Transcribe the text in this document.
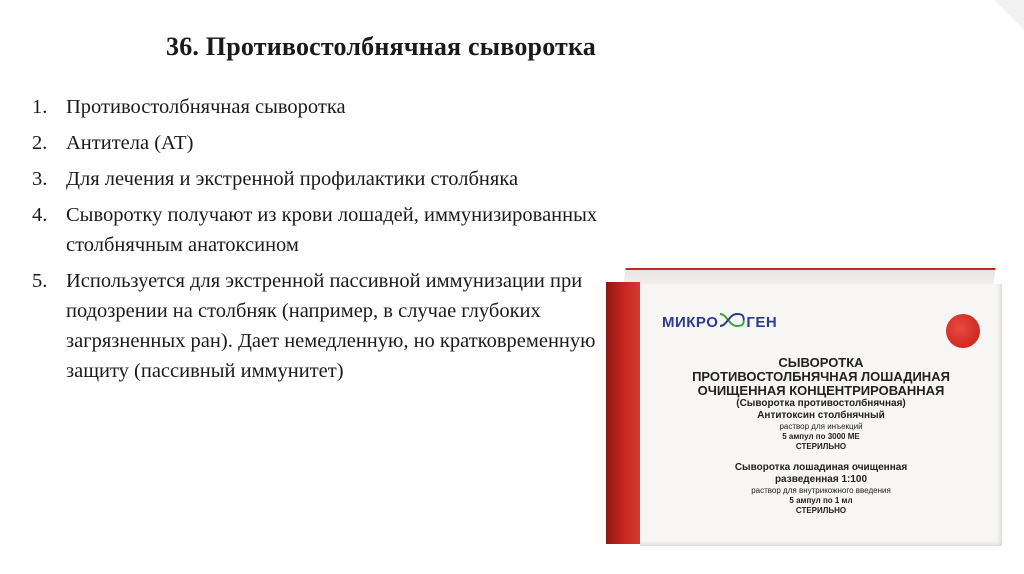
36. Противостолбнячная сыворотка
1. Противостолбнячная сыворотка
2. Антитела (АТ)
3. Для лечения и экстренной профилактики столбняка
4. Сыворотку получают из крови лошадей, иммунизированных столбнячным анатоксином
5. Используется для экстренной пассивной иммунизации при подозрении на столбняк (например, в случае глубоких загрязненных ран). Дает немедленную, но кратковременную защиту (пассивный иммунитет)
МИКРО ГЕН
СЫВОРОТКА
ПРОТИВОСТОЛБНЯЧНАЯ ЛОШАДИНАЯ
ОЧИЩЕННАЯ КОНЦЕНТРИРОВАННАЯ
(Сыворотка противостолбнячная)
Антитоксин столбнячный
раствор для инъекций
5 ампул по 3000 МЕ
СТЕРИЛЬНО
Сыворотка лошадиная очищенная
разведенная 1:100
раствор для внутрикожного введения
5 ампул по 1 мл
СТЕРИЛЬНО
